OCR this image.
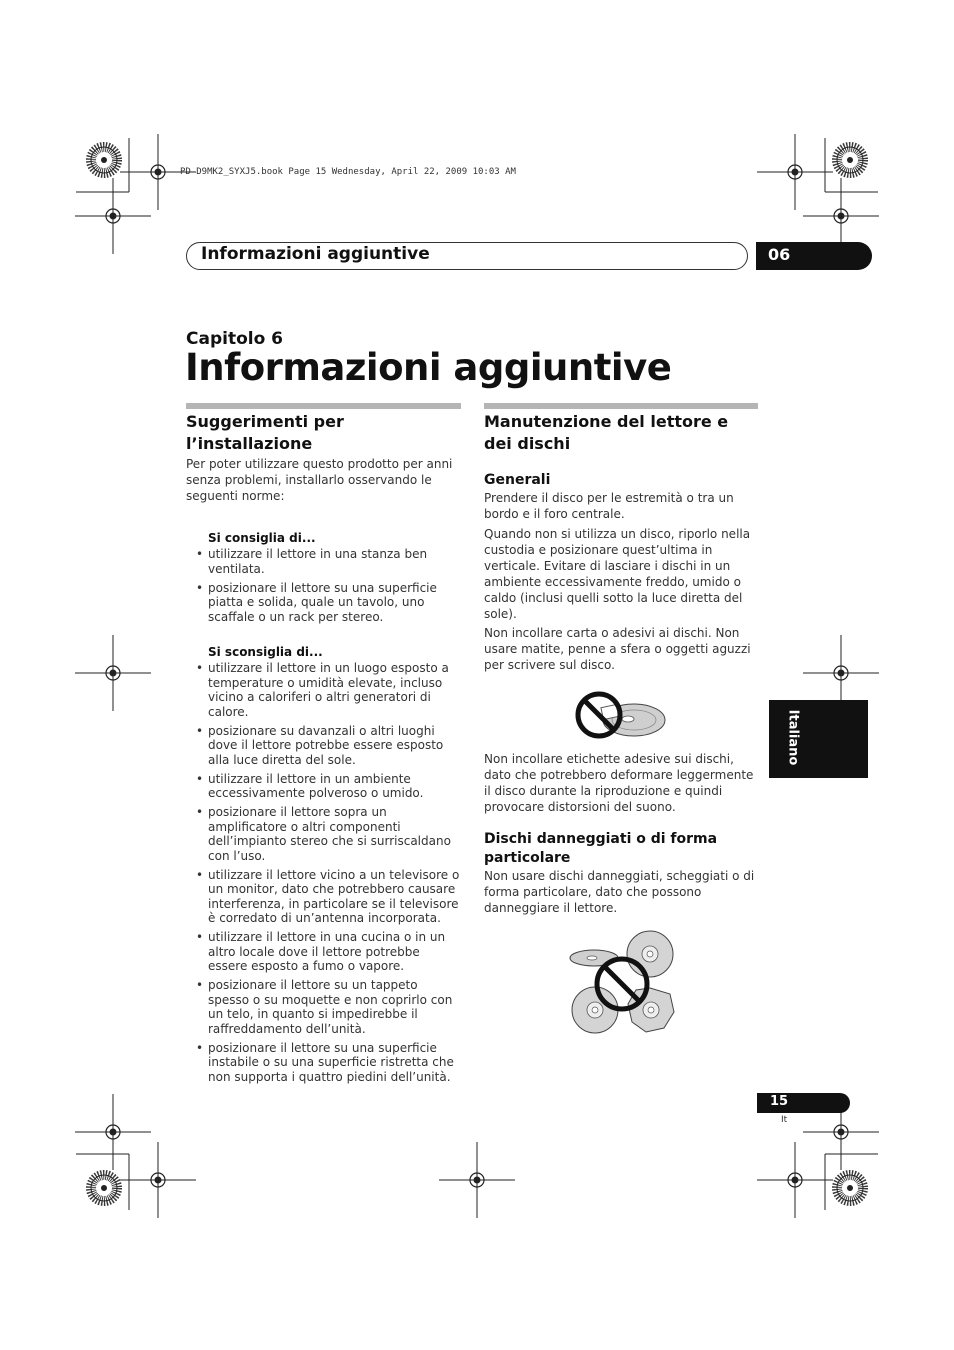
PD-D9MK2_SYXJ5.book Page 15 Wednesday, April 22, 2009 10:03 AM
Informazioni aggiuntive	06
Capitolo 6
Informazioni aggiuntive
Suggerimenti per l’installazione
Per poter utilizzare questo prodotto per anni senza problemi, installarlo osservando le seguenti norme:
Si consiglia di...
• utilizzare il lettore in una stanza ben ventilata.
• posizionare il lettore su una superficie piatta e solida, quale un tavolo, uno scaffale o un rack per stereo.
Si sconsiglia di...
• utilizzare il lettore in un luogo esposto a temperature o umidità elevate, incluso vicino a caloriferi o altri generatori di calore.
• posizionare su davanzali o altri luoghi dove il lettore potrebbe essere esposto alla luce diretta del sole.
• utilizzare il lettore in un ambiente eccessivamente polveroso o umido.
• posizionare il lettore sopra un amplificatore o altri componenti dell’impianto stereo che si surriscaldano con l’uso.
• utilizzare il lettore vicino a un televisore o un monitor, dato che potrebbero causare interferenza, in particolare se il televisore è corredato di un’antenna incorporata.
• utilizzare il lettore in una cucina o in un altro locale dove il lettore potrebbe essere esposto a fumo o vapore.
• posizionare il lettore su un tappeto spesso o su moquette e non coprirlo con un telo, in quanto si impedirebbe il raffreddamento dell’unità.
• posizionare il lettore su una superficie instabile o su una superficie ristretta che non supporta i quattro piedini dell’unità.
Manutenzione del lettore e dei dischi
Generali
Prendere il disco per le estremità o tra un bordo e il foro centrale.
Quando non si utilizza un disco, riporlo nella custodia e posizionare quest’ultima in verticale. Evitare di lasciare i dischi in un ambiente eccessivamente freddo, umido o caldo (inclusi quelli sotto la luce diretta del sole).
Non incollare carta o adesivi ai dischi. Non usare matite, penne a sfera o oggetti aguzzi per scrivere sul disco.
Non incollare etichette adesive sui dischi, dato che potrebbero deformare leggermente il disco durante la riproduzione e quindi provocare distorsioni del suono.
Dischi danneggiati o di forma particolare
Non usare dischi danneggiati, scheggiati o di forma particolare, dato che possono danneggiare il lettore.
Italiano
15
It
